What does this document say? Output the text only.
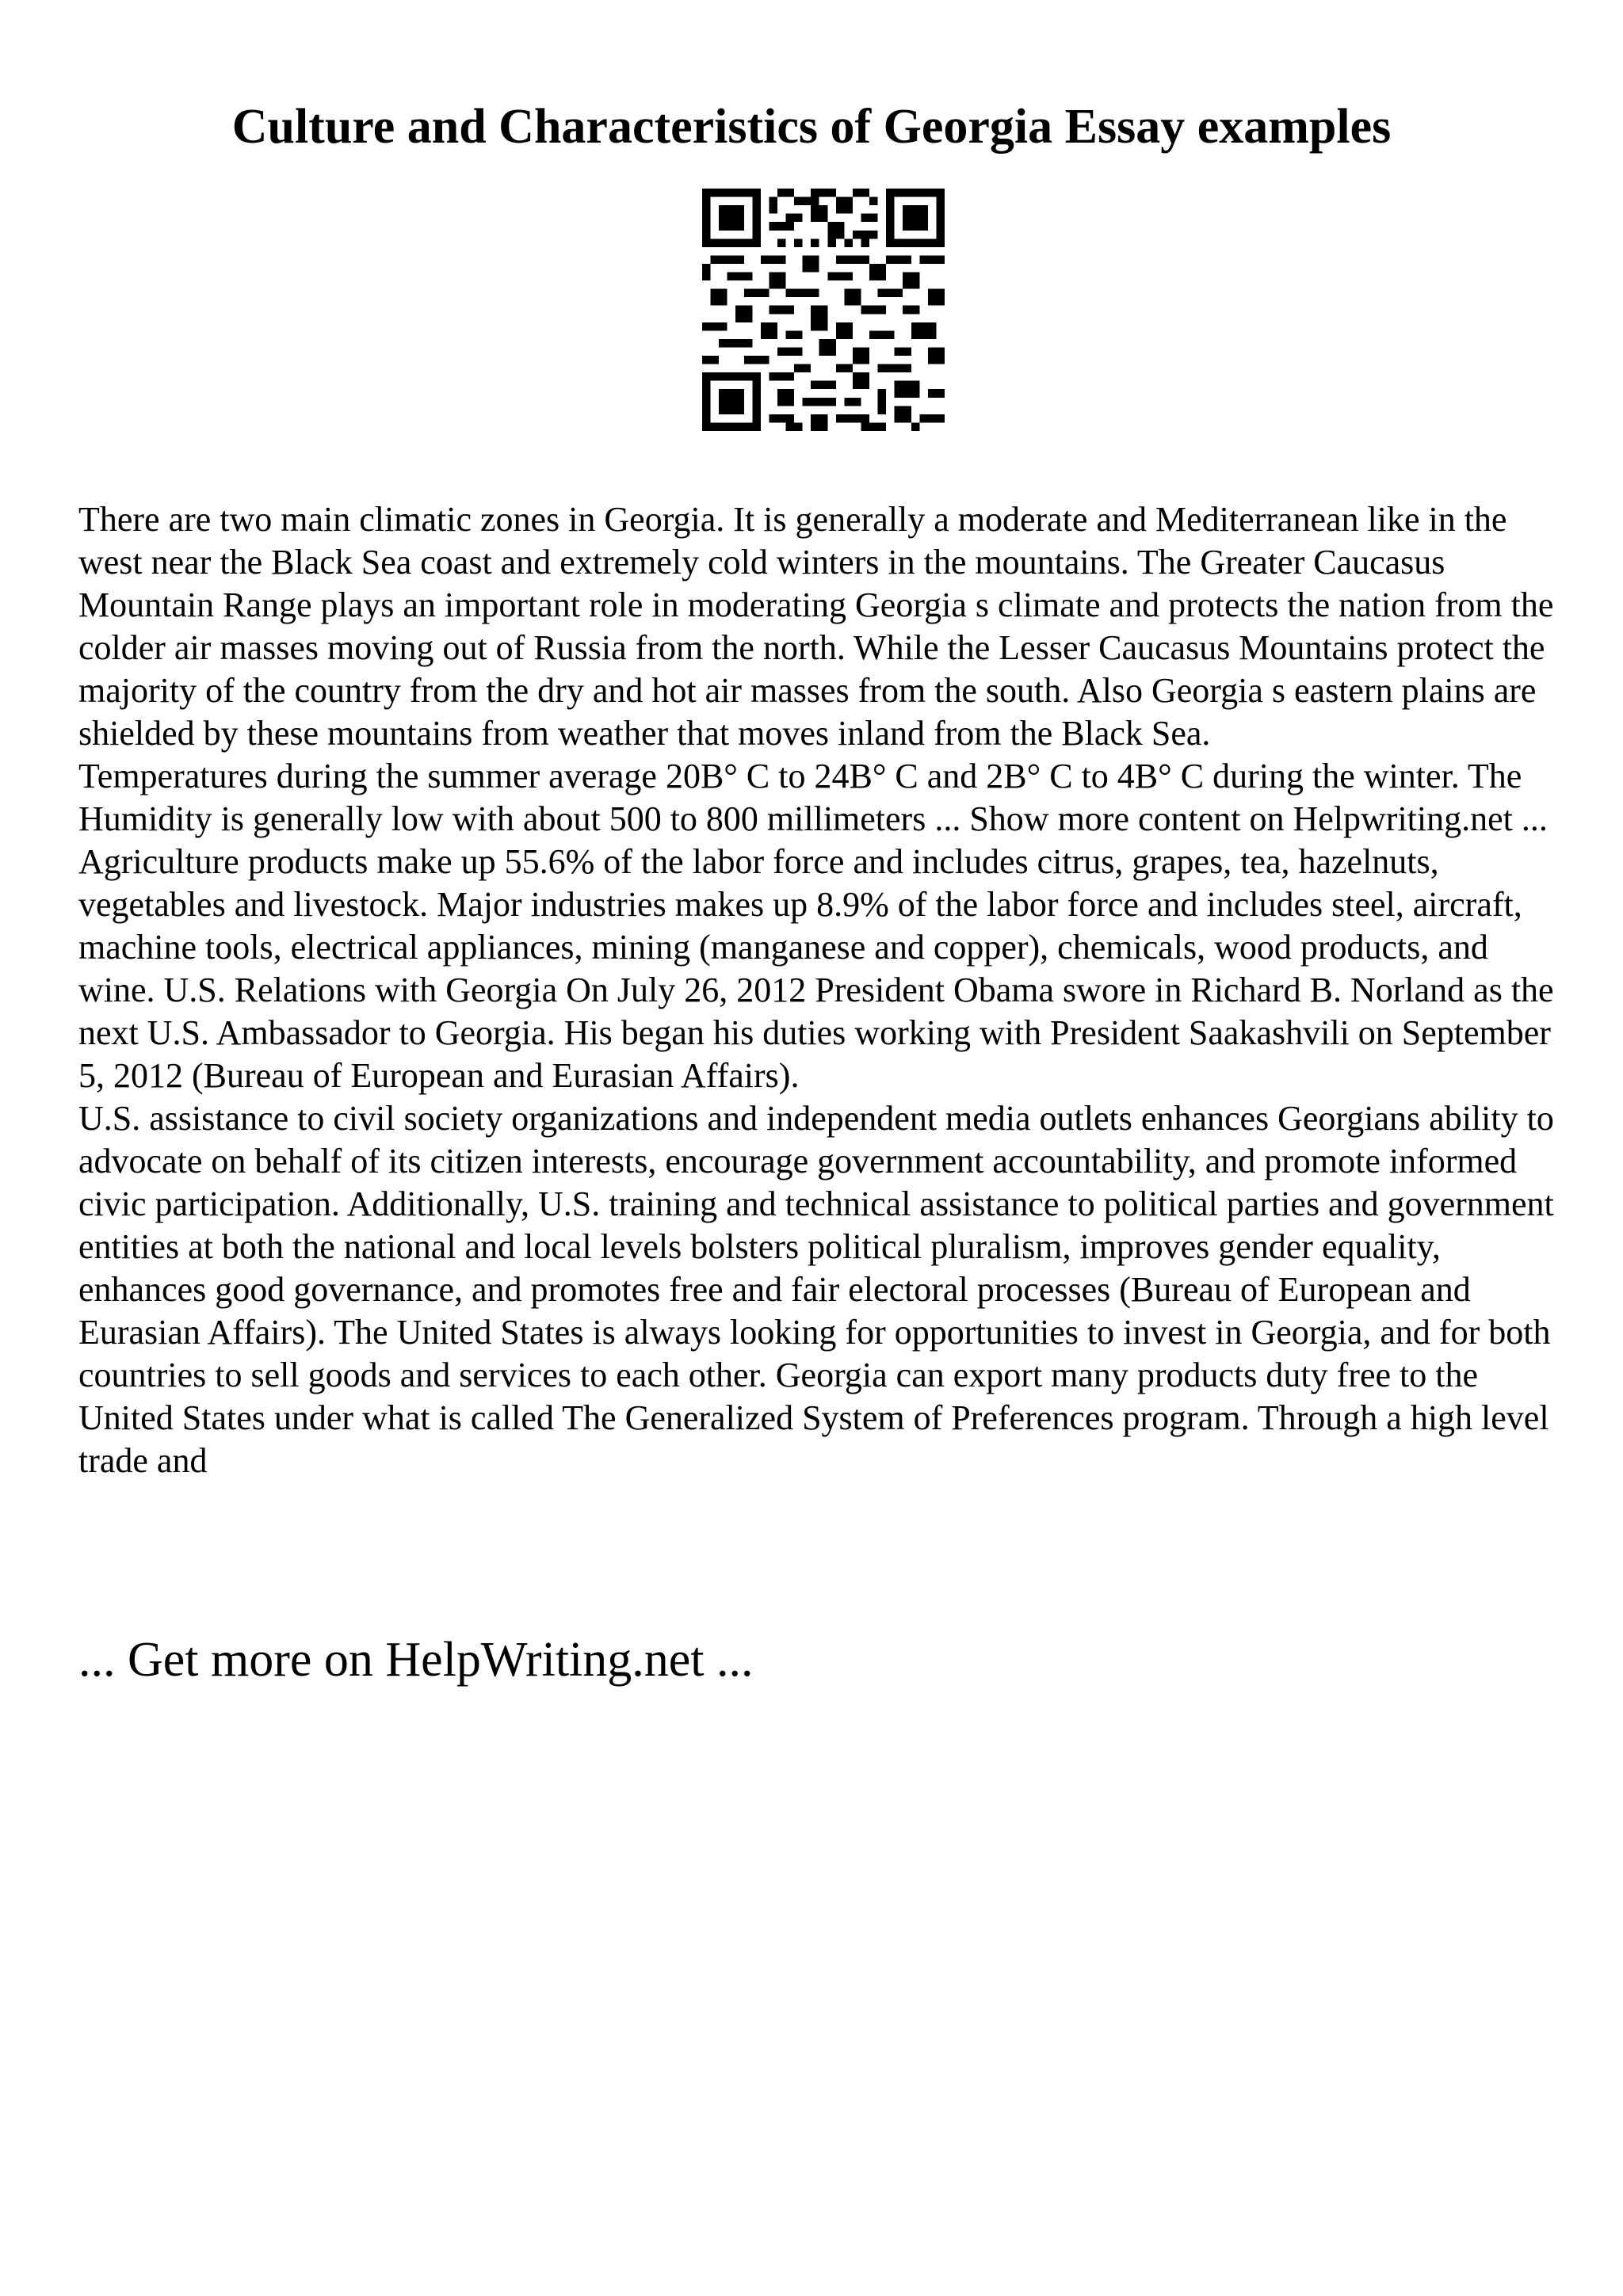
Culture and Characteristics of Georgia Essay examples

There are two main climatic zones in Georgia. It is generally a moderate and Mediterranean like in the west near the Black Sea coast and extremely cold winters in the mountains. The Greater Caucasus Mountain Range plays an important role in moderating Georgia s climate and protects the nation from the colder air masses moving out of Russia from the north. While the Lesser Caucasus Mountains protect the majority of the country from the dry and hot air masses from the south. Also Georgia s eastern plains are shielded by these mountains from weather that moves inland from the Black Sea.

Temperatures during the summer average 20B° C to 24B° C and 2B° C to 4B° C during the winter. The Humidity is generally low with about 500 to 800 millimeters ... Show more content on Helpwriting.net ...

Agriculture products make up 55.6% of the labor force and includes citrus, grapes, tea, hazelnuts, vegetables and livestock. Major industries makes up 8.9% of the labor force and includes steel, aircraft, machine tools, electrical appliances, mining (manganese and copper), chemicals, wood products, and wine. U.S. Relations with Georgia On July 26, 2012 President Obama swore in Richard B. Norland as the next U.S. Ambassador to Georgia. His began his duties working with President Saakashvili on September 5, 2012 (Bureau of European and Eurasian Affairs).

U.S. assistance to civil society organizations and independent media outlets enhances Georgians ability to advocate on behalf of its citizen interests, encourage government accountability, and promote informed civic participation. Additionally, U.S. training and technical assistance to political parties and government entities at both the national and local levels bolsters political pluralism, improves gender equality, enhances good governance, and promotes free and fair electoral processes (Bureau of European and Eurasian Affairs). The United States is always looking for opportunities to invest in Georgia, and for both countries to sell goods and services to each other. Georgia can export many products duty free to the United States under what is called The Generalized System of Preferences program. Through a high level trade and

... Get more on HelpWriting.net ...
